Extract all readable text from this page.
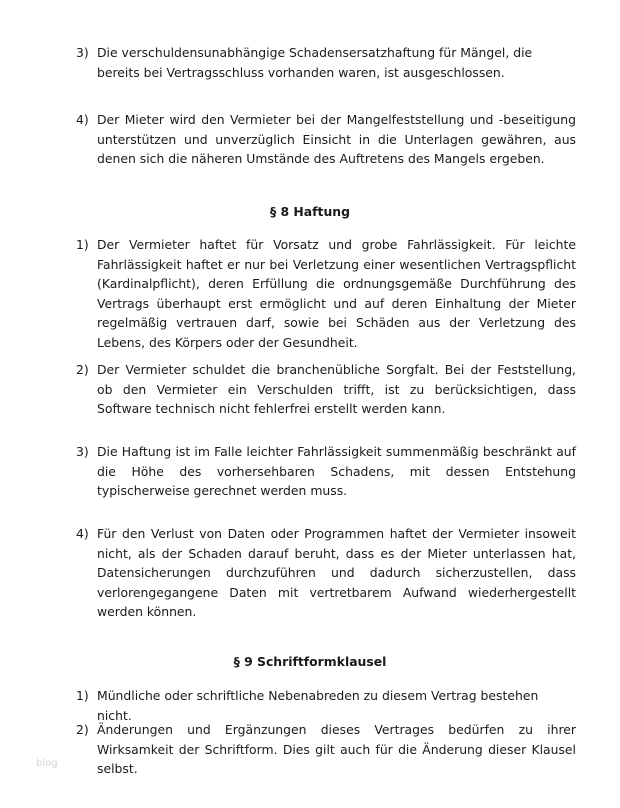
3) Die verschuldensunabhängige Schadensersatzhaftung für Mängel, die bereits bei Vertragsschluss vorhanden waren, ist ausgeschlossen.
4) Der Mieter wird den Vermieter bei der Mangelfeststellung und -beseitigung unterstützen und unverzüglich Einsicht in die Unterlagen gewähren, aus denen sich die näheren Umstände des Auftretens des Mangels ergeben.
§ 8 Haftung
1) Der Vermieter haftet für Vorsatz und grobe Fahrlässigkeit. Für leichte Fahrlässigkeit haftet er nur bei Verletzung einer wesentlichen Vertragspflicht (Kardinalpflicht), deren Erfüllung die ordnungsgemäße Durchführung des Vertrags überhaupt erst ermöglicht und auf deren Einhaltung der Mieter regelmäßig vertrauen darf, sowie bei Schäden aus der Verletzung des Lebens, des Körpers oder der Gesundheit.
2) Der Vermieter schuldet die branchenübliche Sorgfalt. Bei der Feststellung, ob den Vermieter ein Verschulden trifft, ist zu berücksichtigen, dass Software technisch nicht fehlerfrei erstellt werden kann.
3) Die Haftung ist im Falle leichter Fahrlässigkeit summenmäßig beschränkt auf die Höhe des vorhersehbaren Schadens, mit dessen Entstehung typischerweise gerechnet werden muss.
4) Für den Verlust von Daten oder Programmen haftet der Vermieter insoweit nicht, als der Schaden darauf beruht, dass es der Mieter unterlassen hat, Datensicherungen durchzuführen und dadurch sicherzustellen, dass verlorengegangene Daten mit vertretbarem Aufwand wiederhergestellt werden können.
§ 9 Schriftformklausel
1) Mündliche oder schriftliche Nebenabreden zu diesem Vertrag bestehen nicht.
2) Änderungen und Ergänzungen dieses Vertrages bedürfen zu ihrer Wirksamkeit der Schriftform. Dies gilt auch für die Änderung dieser Klausel selbst.
blog
